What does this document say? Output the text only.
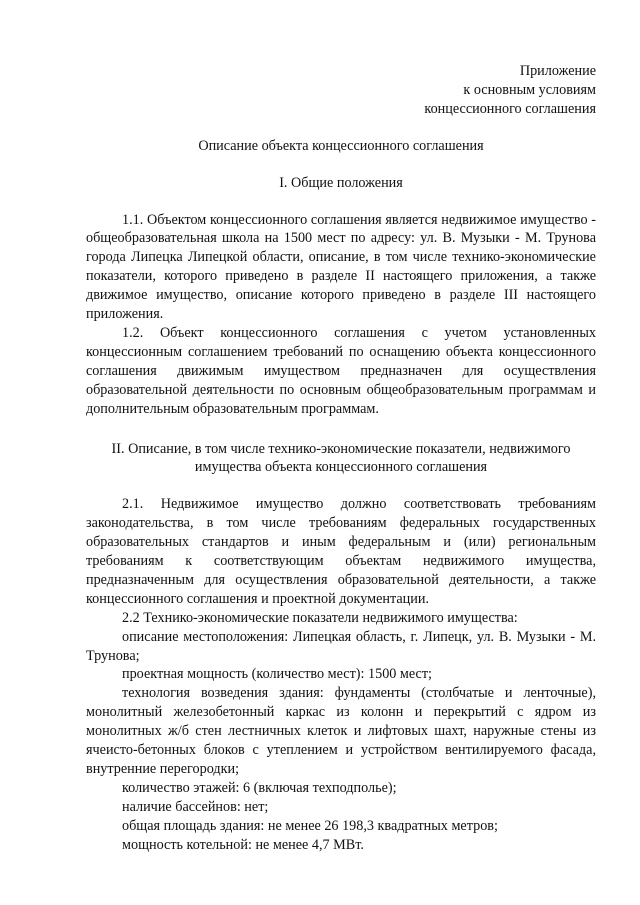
Приложение
к основным условиям
концессионного соглашения
Описание объекта концессионного соглашения
I. Общие положения

1.1. Объектом концессионного соглашения является недвижимое имущество - общеобразовательная школа на 1500 мест по адресу: ул. В. Музыки - М. Трунова города Липецка Липецкой области, описание, в том числе технико-экономические показатели, которого приведено в разделе II настоящего приложения, а также движимое имущество, описание которого приведено в разделе III настоящего приложения.

1.2. Объект концессионного соглашения с учетом установленных концессионным соглашением требований по оснащению объекта концессионного соглашения движимым имуществом предназначен для осуществления образовательной деятельности по основным общеобразовательным программам и дополнительным образовательным программам.

II. Описание, в том числе технико-экономические показатели, недвижимого
имущества объекта концессионного соглашения

2.1. Недвижимое имущество должно соответствовать требованиям законодательства, в том числе требованиям федеральных государственных образовательных стандартов и иным федеральным и (или) региональным требованиям к соответствующим объектам недвижимого имущества, предназначенным для осуществления образовательной деятельности, а также концессионного соглашения и проектной документации.

2.2 Технико-экономические показатели недвижимого имущества:

описание местоположения: Липецкая область, г. Липецк, ул. В. Музыки - М. Трунова;

проектная мощность (количество мест): 1500 мест;

технология возведения здания: фундаменты (столбчатые и ленточные), монолитный железобетонный каркас из колонн и перекрытий с ядром из монолитных ж/б стен лестничных клеток и лифтовых шахт, наружные стены из ячеисто-бетонных блоков с утеплением и устройством вентилируемого фасада, внутренние перегородки;

количество этажей: 6 (включая техподполье);

наличие бассейнов: нет;

общая площадь здания: не менее 26 198,3 квадратных метров;

мощность котельной: не менее 4,7 МВт.
